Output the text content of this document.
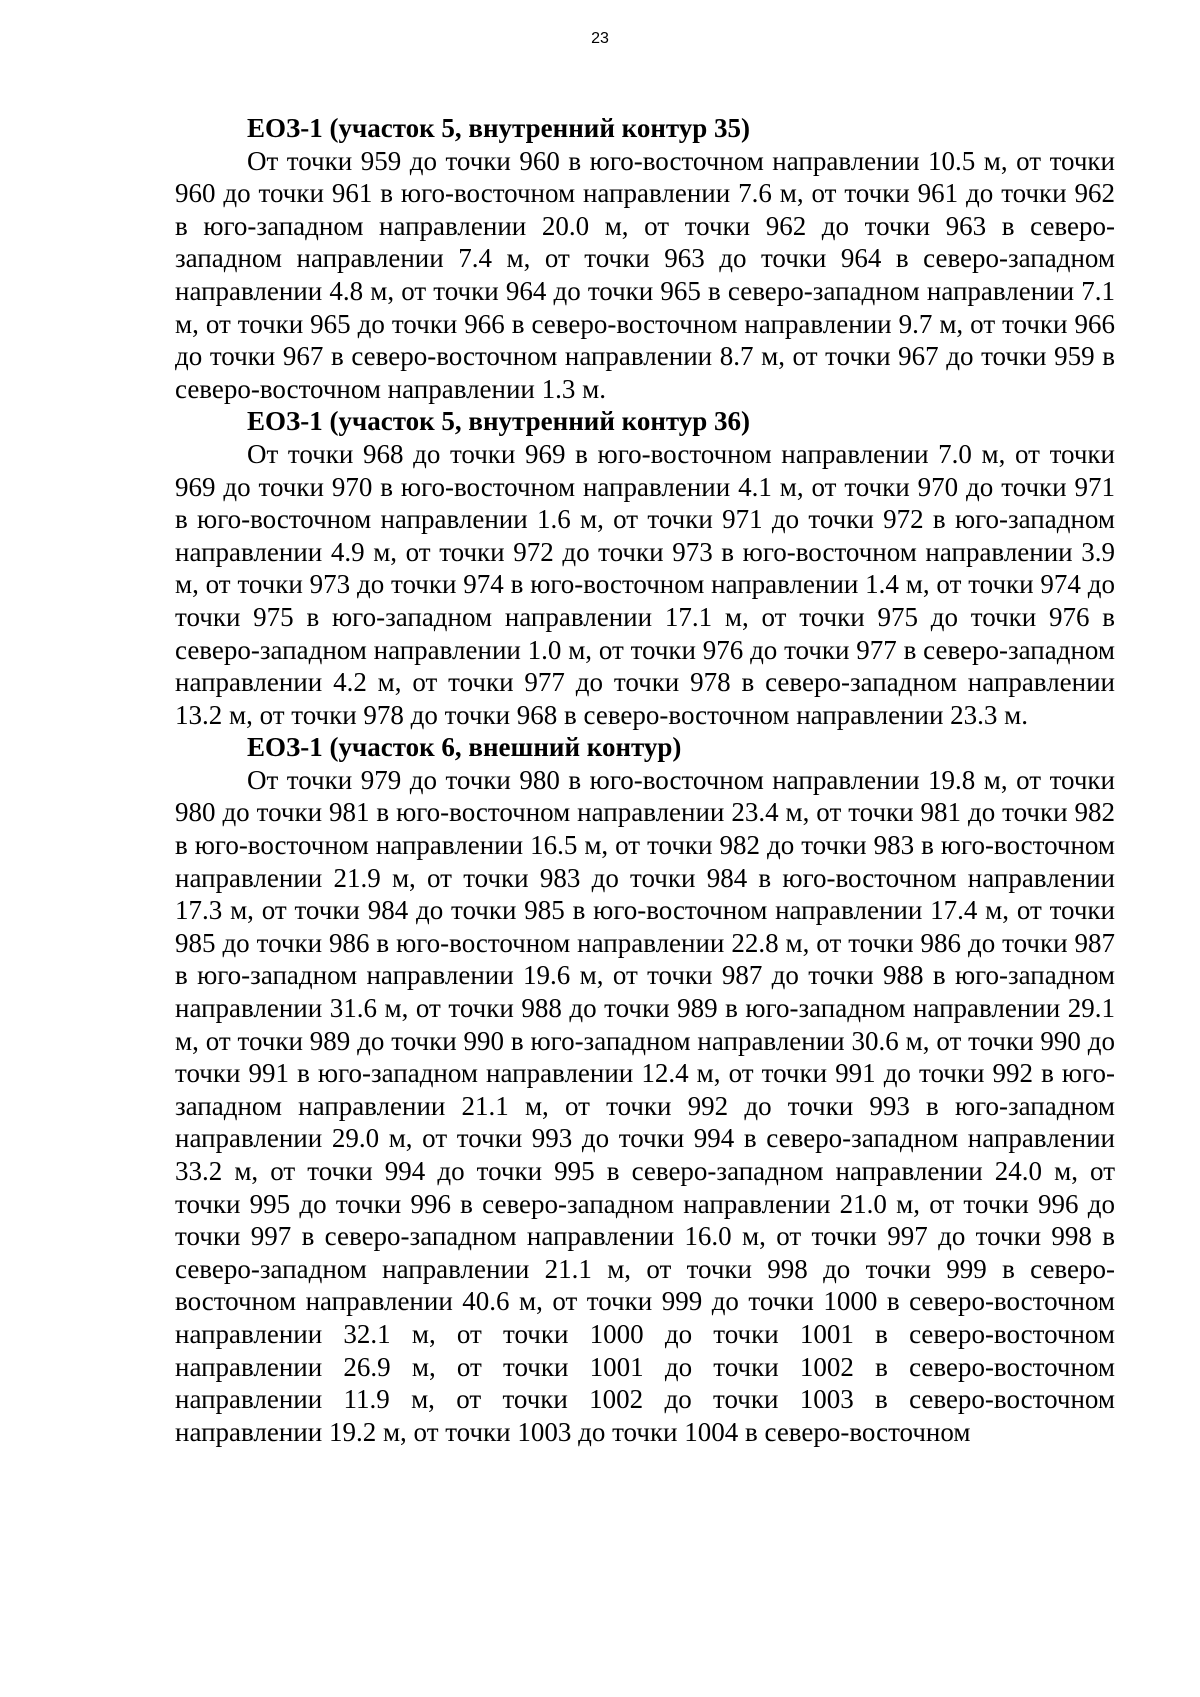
23

ЕОЗ-1 (участок 5, внутренний контур 35)

От точки 959 до точки 960 в юго-восточном направлении 10.5 м, от точки 960 до точки 961 в юго-восточном направлении 7.6 м, от точки 961 до точки 962 в юго-западном направлении 20.0 м, от точки 962 до точки 963 в северо-западном направлении 7.4 м, от точки 963 до точки 964 в северо-западном направлении 4.8 м, от точки 964 до точки 965 в северо-западном направлении 7.1 м, от точки 965 до точки 966 в северо-восточном направлении 9.7 м, от точки 966 до точки 967 в северо-восточном направлении 8.7 м, от точки 967 до точки 959 в северо-восточном направлении 1.3 м.

ЕОЗ-1 (участок 5, внутренний контур 36)

От точки 968 до точки 969 в юго-восточном направлении 7.0 м, от точки 969 до точки 970 в юго-восточном направлении 4.1 м, от точки 970 до точки 971 в юго-восточном направлении 1.6 м, от точки 971 до точки 972 в юго-западном направлении 4.9 м, от точки 972 до точки 973 в юго-восточном направлении 3.9 м, от точки 973 до точки 974 в юго-восточном направлении 1.4 м, от точки 974 до точки 975 в юго-западном направлении 17.1 м, от точки 975 до точки 976 в северо-западном направлении 1.0 м, от точки 976 до точки 977 в северо-западном направлении 4.2 м, от точки 977 до точки 978 в северо-западном направлении 13.2 м, от точки 978 до точки 968 в северо-восточном направлении 23.3 м.

ЕОЗ-1 (участок 6, внешний контур)

От точки 979 до точки 980 в юго-восточном направлении 19.8 м, от точки 980 до точки 981 в юго-восточном направлении 23.4 м, от точки 981 до точки 982 в юго-восточном направлении 16.5 м, от точки 982 до точки 983 в юго-восточном направлении 21.9 м, от точки 983 до точки 984 в юго-восточном направлении 17.3 м, от точки 984 до точки 985 в юго-восточном направлении 17.4 м, от точки 985 до точки 986 в юго-восточном направлении 22.8 м, от точки 986 до точки 987 в юго-западном направлении 19.6 м, от точки 987 до точки 988 в юго-западном направлении 31.6 м, от точки 988 до точки 989 в юго-западном направлении 29.1 м, от точки 989 до точки 990 в юго-западном направлении 30.6 м, от точки 990 до точки 991 в юго-западном направлении 12.4 м, от точки 991 до точки 992 в юго-западном направлении 21.1 м, от точки 992 до точки 993 в юго-западном направлении 29.0 м, от точки 993 до точки 994 в северо-западном направлении 33.2 м, от точки 994 до точки 995 в северо-западном направлении 24.0 м, от точки 995 до точки 996 в северо-западном направлении 21.0 м, от точки 996 до точки 997 в северо-западном направлении 16.0 м, от точки 997 до точки 998 в северо-западном направлении 21.1 м, от точки 998 до точки 999 в северо-восточном направлении 40.6 м, от точки 999 до точки 1000 в северо-восточном направлении 32.1 м, от точки 1000 до точки 1001 в северо-восточном направлении 26.9 м, от точки 1001 до точки 1002 в северо-восточном направлении 11.9 м, от точки 1002 до точки 1003 в северо-восточном направлении 19.2 м, от точки 1003 до точки 1004 в северо-восточном
